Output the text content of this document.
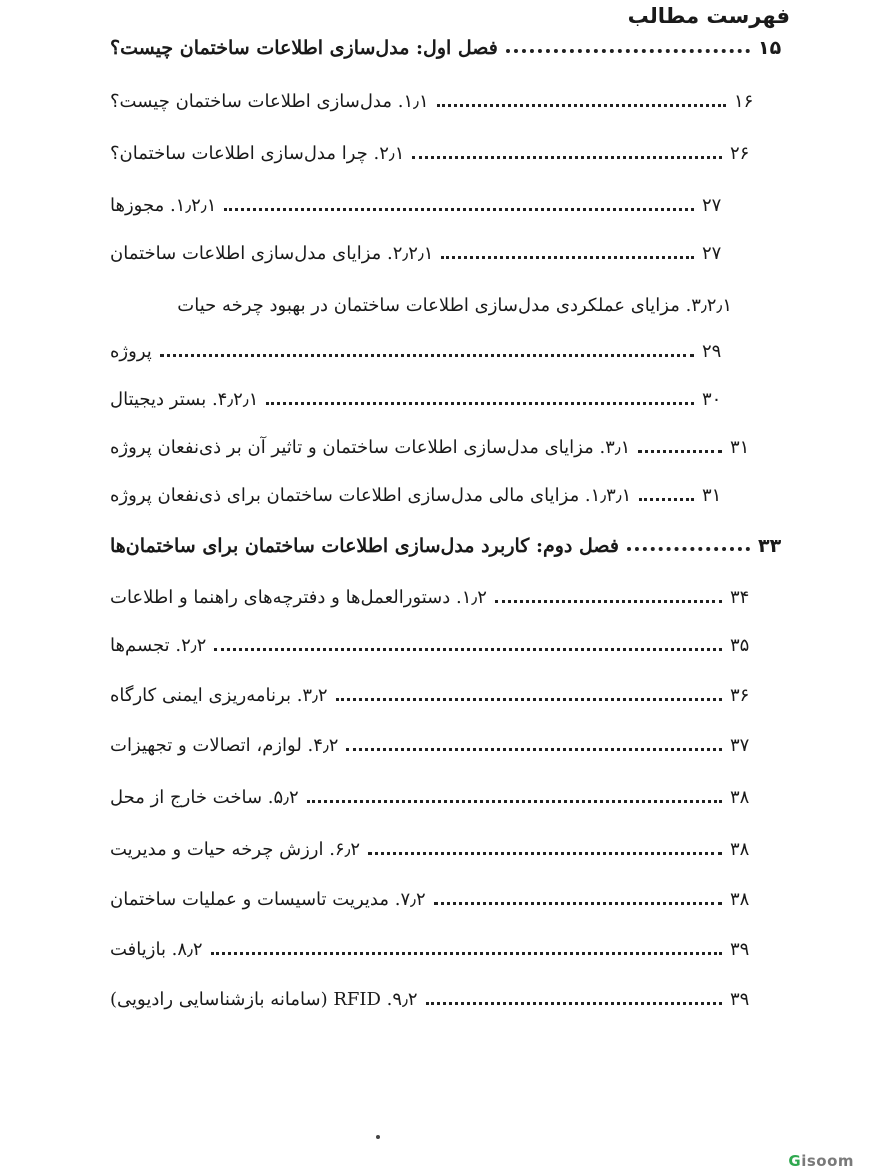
فهرست مطالب
فصل اول: مدل‌سازی اطلاعات ساختمان چیست؟	۱۵
۱٫۱. مدل‌سازی اطلاعات ساختمان چیست؟	۱۶
۲٫۱. چرا مدل‌سازی اطلاعات ساختمان؟	۲۶
۱٫۲٫۱. مجوزها	۲۷
۲٫۲٫۱. مزایای مدل‌سازی اطلاعات ساختمان	۲۷
۳٫۲٫۱. مزایای عملکردی مدل‌سازی اطلاعات ساختمان در بهبود چرخه حیات
پروژه	۲۹
۴٫۲٫۱. بستر دیجیتال	۳۰
۳٫۱. مزایای مدل‌سازی اطلاعات ساختمان و تاثیر آن بر ذی‌نفعان پروژه	۳۱
۱٫۳٫۱. مزایای مالی مدل‌سازی اطلاعات ساختمان برای ذی‌نفعان پروژه	۳۱
فصل دوم: کاربرد مدل‌سازی اطلاعات ساختمان برای ساختمان‌ها	۳۳
۱٫۲. دستورالعمل‌ها و دفترچه‌های راهنما و اطلاعات	۳۴
۲٫۲. تجسم‌ها	۳۵
۳٫۲. برنامه‌ریزی ایمنی کارگاه	۳۶
۴٫۲. لوازم، اتصالات و تجهیزات	۳۷
۵٫۲. ساخت خارج از محل	۳۸
۶٫۲. ارزش چرخه حیات و مدیریت	۳۸
۷٫۲. مدیریت تاسیسات و عملیات ساختمان	۳۸
۸٫۲. بازیافت	۳۹
۹٫۲. RFID (سامانه بازشناسایی رادیویی)	۳۹
Gisoom
